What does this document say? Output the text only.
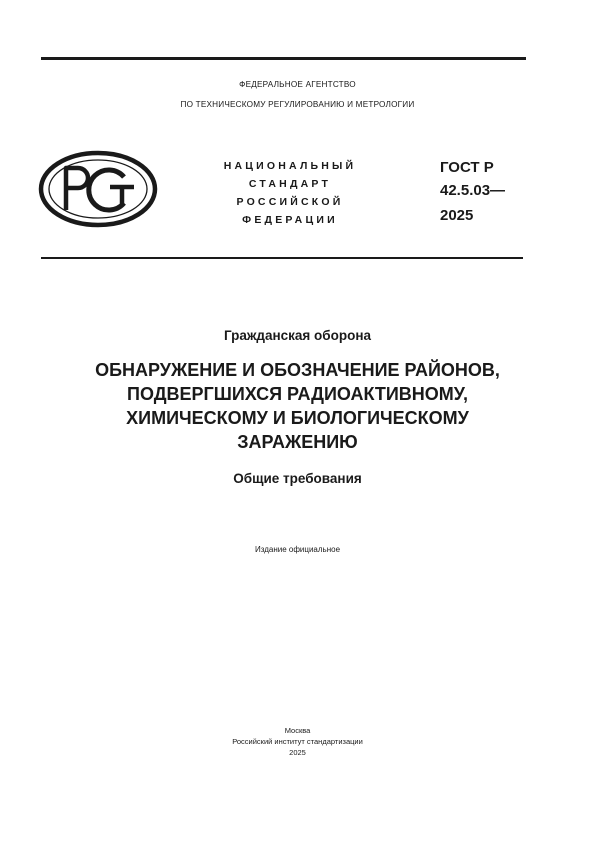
ФЕДЕРАЛЬНОЕ АГЕНТСТВО
ПО ТЕХНИЧЕСКОМУ РЕГУЛИРОВАНИЮ И МЕТРОЛОГИИ
НАЦИОНАЛЬНЫЙ
СТАНДАРТ
РОССИЙСКОЙ
ФЕДЕРАЦИИ
ГОСТ Р
42.5.03—
2025
Гражданская оборона
ОБНАРУЖЕНИЕ И ОБОЗНАЧЕНИЕ РАЙОНОВ,
ПОДВЕРГШИХСЯ РАДИОАКТИВНОМУ,
ХИМИЧЕСКОМУ И БИОЛОГИЧЕСКОМУ
ЗАРАЖЕНИЮ
Общие требования
Издание официальное
Москва
Российский институт стандартизации
2025
